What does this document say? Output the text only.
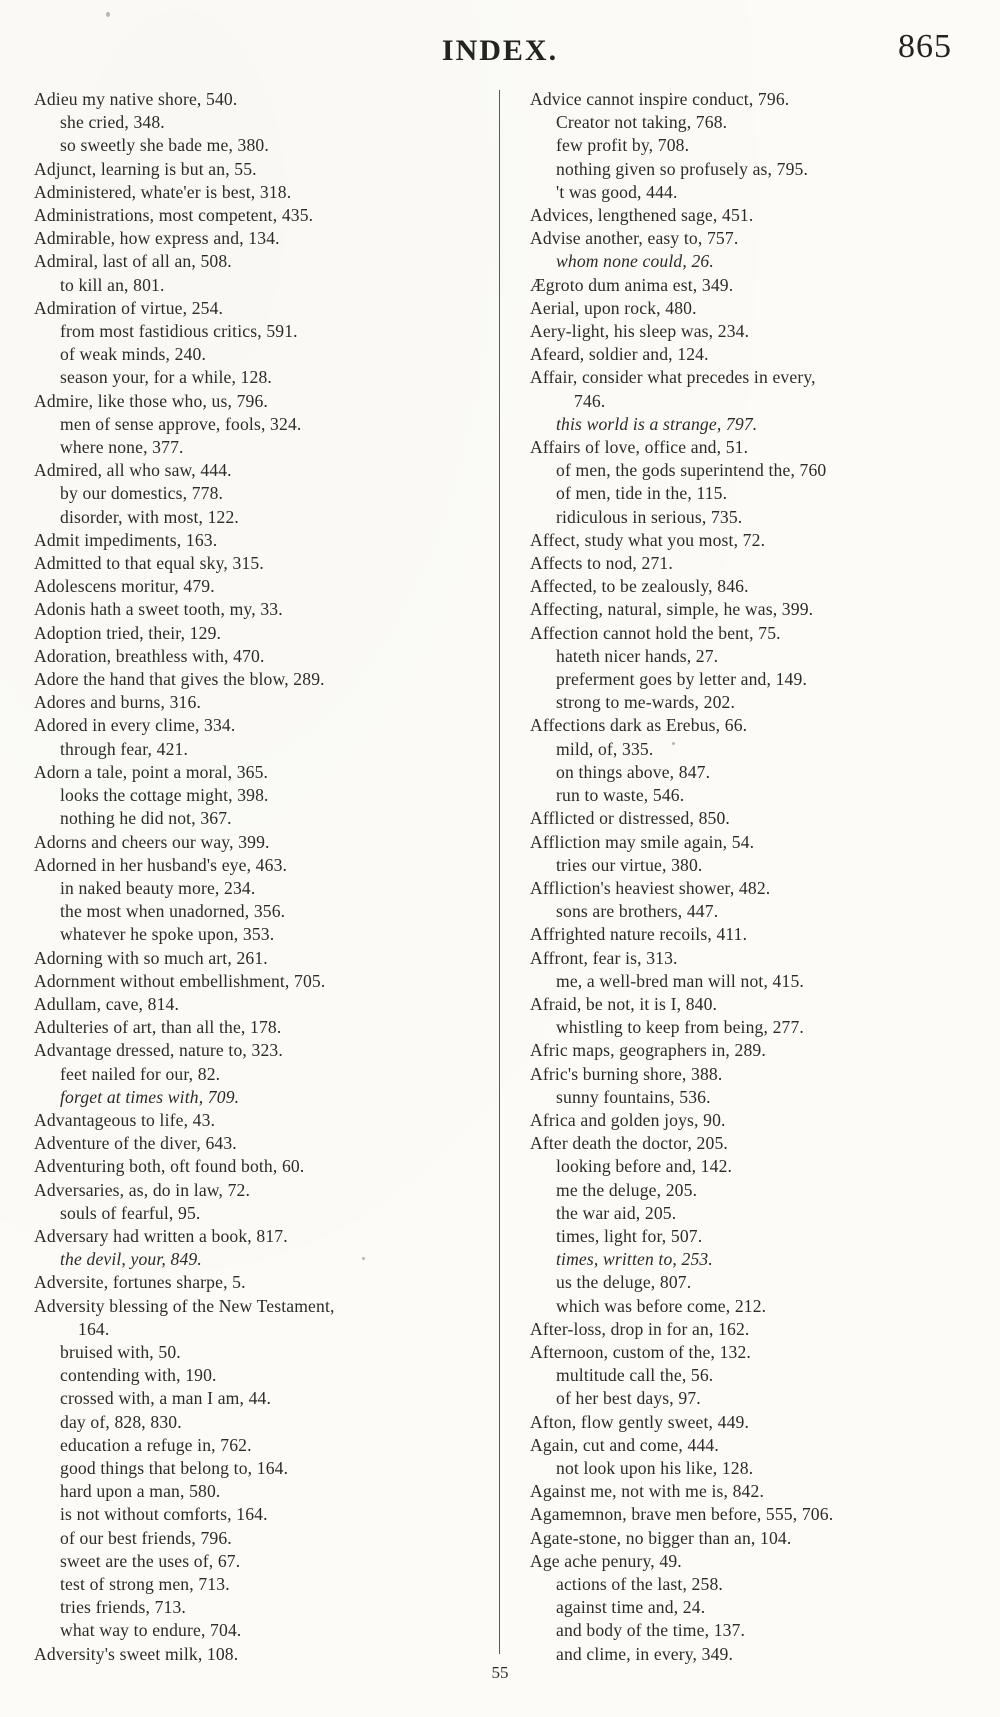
INDEX.	865
Adieu my native shore, 540.
she cried, 348.
so sweetly she bade me, 380.
Adjunct, learning is but an, 55.
Administered, whate'er is best, 318.
Administrations, most competent, 435.
Admirable, how express and, 134.
Admiral, last of all an, 508.
to kill an, 801.
Admiration of virtue, 254.
from most fastidious critics, 591.
of weak minds, 240.
season your, for a while, 128.
Admire, like those who, us, 796.
men of sense approve, fools, 324.
where none, 377.
Admired, all who saw, 444.
by our domestics, 778.
disorder, with most, 122.
Admit impediments, 163.
Admitted to that equal sky, 315.
Adolescens moritur, 479.
Adonis hath a sweet tooth, my, 33.
Adoption tried, their, 129.
Adoration, breathless with, 470.
Adore the hand that gives the blow, 289.
Adores and burns, 316.
Adored in every clime, 334.
through fear, 421.
Adorn a tale, point a moral, 365.
looks the cottage might, 398.
nothing he did not, 367.
Adorns and cheers our way, 399.
Adorned in her husband's eye, 463.
in naked beauty more, 234.
the most when unadorned, 356.
whatever he spoke upon, 353.
Adorning with so much art, 261.
Adornment without embellishment, 705.
Adullam, cave, 814.
Adulteries of art, than all the, 178.
Advantage dressed, nature to, 323.
feet nailed for our, 82.
forget at times with, 709.
Advantageous to life, 43.
Adventure of the diver, 643.
Adventuring both, oft found both, 60.
Adversaries, as, do in law, 72.
souls of fearful, 95.
Adversary had written a book, 817.
the devil, your, 849.
Adversite, fortunes sharpe, 5.
Adversity blessing of the New Testament,
164.
bruised with, 50.
contending with, 190.
crossed with, a man I am, 44.
day of, 828, 830.
education a refuge in, 762.
good things that belong to, 164.
hard upon a man, 580.
is not without comforts, 164.
of our best friends, 796.
sweet are the uses of, 67.
test of strong men, 713.
tries friends, 713.
what way to endure, 704.
Adversity's sweet milk, 108.
Advice cannot inspire conduct, 796.
Creator not taking, 768.
few profit by, 708.
nothing given so profusely as, 795.
't was good, 444.
Advices, lengthened sage, 451.
Advise another, easy to, 757.
whom none could, 26.
Ægroto dum anima est, 349.
Aerial, upon rock, 480.
Aery-light, his sleep was, 234.
Afeard, soldier and, 124.
Affair, consider what precedes in every,
746.
this world is a strange, 797.
Affairs of love, office and, 51.
of men, the gods superintend the, 760
of men, tide in the, 115.
ridiculous in serious, 735.
Affect, study what you most, 72.
Affects to nod, 271.
Affected, to be zealously, 846.
Affecting, natural, simple, he was, 399.
Affection cannot hold the bent, 75.
hateth nicer hands, 27.
preferment goes by letter and, 149.
strong to me-wards, 202.
Affections dark as Erebus, 66.
mild, of, 335.
on things above, 847.
run to waste, 546.
Afflicted or distressed, 850.
Affliction may smile again, 54.
tries our virtue, 380.
Affliction's heaviest shower, 482.
sons are brothers, 447.
Affrighted nature recoils, 411.
Affront, fear is, 313.
me, a well-bred man will not, 415.
Afraid, be not, it is I, 840.
whistling to keep from being, 277.
Afric maps, geographers in, 289.
Afric's burning shore, 388.
sunny fountains, 536.
Africa and golden joys, 90.
After death the doctor, 205.
looking before and, 142.
me the deluge, 205.
the war aid, 205.
times, light for, 507.
times, written to, 253.
us the deluge, 807.
which was before come, 212.
After-loss, drop in for an, 162.
Afternoon, custom of the, 132.
multitude call the, 56.
of her best days, 97.
Afton, flow gently sweet, 449.
Again, cut and come, 444.
not look upon his like, 128.
Against me, not with me is, 842.
Agamemnon, brave men before, 555, 706.
Agate-stone, no bigger than an, 104.
Age ache penury, 49.
actions of the last, 258.
against time and, 24.
and body of the time, 137.
and clime, in every, 349.
55
